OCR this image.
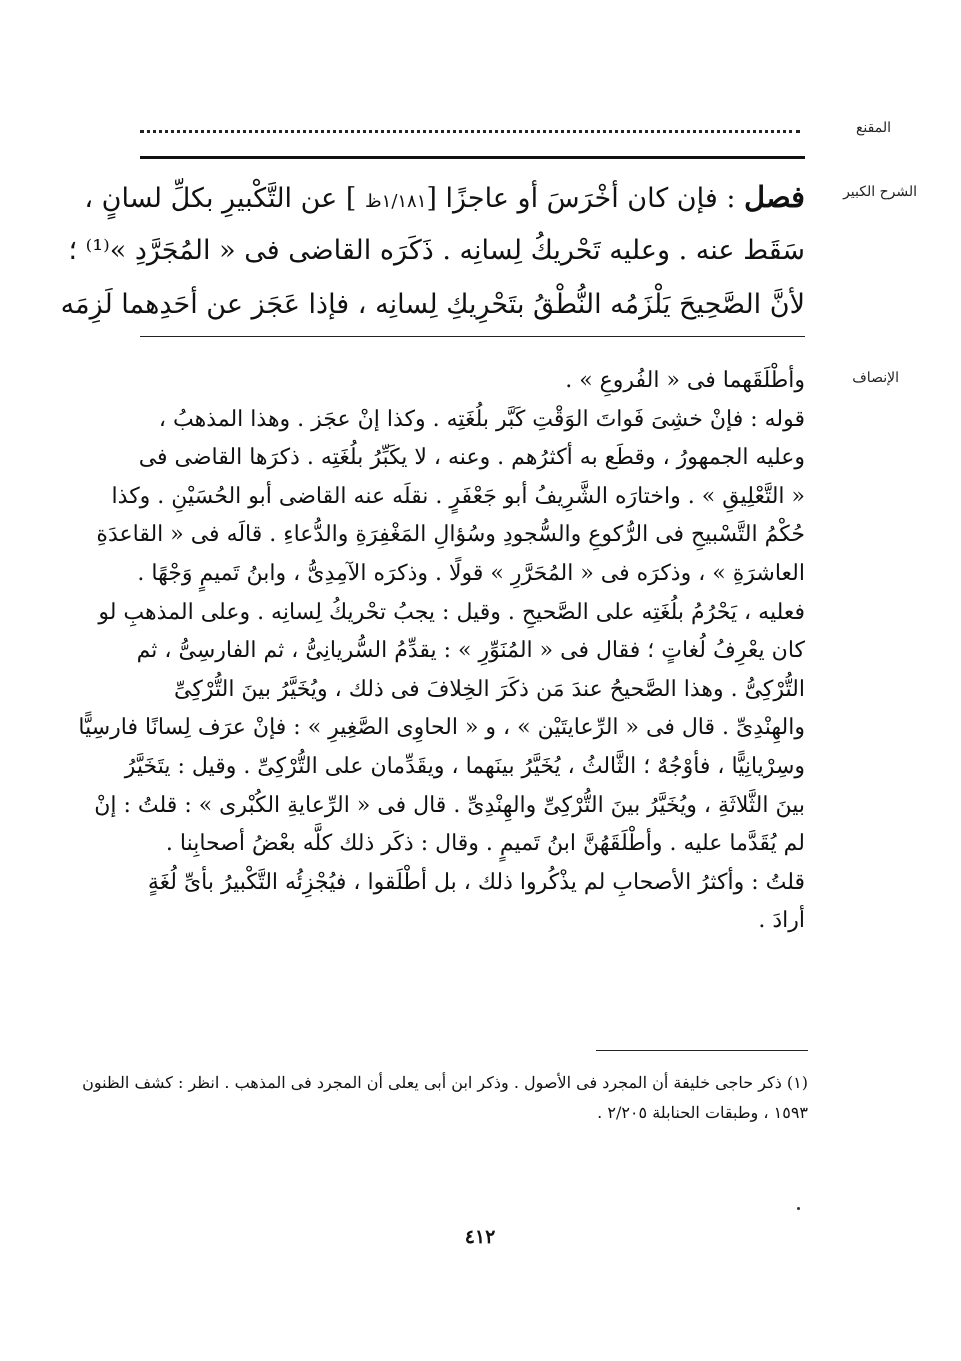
المقنع
الشرح الكبير
فصل : فإن كان أخْرَسَ أو عاجزًا [١/١٨١ظ ] عن التَّكْبيرِ بكلِّ لسانٍ ،
سَقَط عنه . وعليه تَحْريكُ لِسانِه . ذَكَرَه القاضى فى « المُجَرَّدِ »⁽¹⁾ ؛
لأنَّ الصَّحِيحَ يَلْزَمُه النُّطْقُ بتَحْرِيكِ لِسانِه ، فإذا عَجَز عن أحَدِهما لَزِمَه
الإنصاف
وأطْلَقَهما فى « الفُروعِ » .
قوله : فإنْ خشِىَ فَواتَ الوَقْتِ كَبَّر بلُغَتِه . وكذا إنْ عجَز . وهذا المذهبُ ،
وعليه الجمهورُ ، وقطَع به أكثرُهم . وعنه ، لا يكَبِّرُ بلُغَتِه . ذكرَها القاضى فى
« التَّعْلِيقِ » . واختارَه الشَّرِيفُ أبو جَعْفَرٍ . نقلَه عنه القاضى أبو الحُسَيْنِ . وكذا
حُكْمُ التَّسْبيحِ فى الرُّكوعِ والسُّجودِ وسُؤالِ المَغْفِرَةِ والدُّعاءِ . قالَه فى « القاعدَةِ
العاشرَةِ » ، وذكرَه فى « المُحَرَّرِ » قولًا . وذكرَه الآمِدِىُّ ، وابنُ تَميمٍ وَجْهًا .
فعليه ، يَحْرُمُ بلُغَتِه على الصَّحيحِ . وقيل : يجبُ تحْريكُ لِسانِه . وعلى المذهبِ لو
كان يعْرِفُ لُغاتٍ ؛ فقال فى « المُنَوِّرِ » : يقدِّمُ السُّريانِىُّ ، ثم الفارسِىُّ ، ثم
التُّرْكِىُّ . وهذا الصَّحيحُ عندَ مَن ذكَرَ الخِلافَ فى ذلك ، ويُخَيَّرُ بينَ التُّرْكِىِّ
والهِنْدِىِّ . قال فى « الرِّعايتَيْن » ، و « الحاوِى الصَّغِيرِ » : فإنْ عرَف لِسانًا فارسِيًّا
وسِرْيانِيًّا ، فأوْجُهٌ ؛ الثَّالثُ ، يُخَيَّرُ بينَهما ، ويقَدِّمان على التُّرْكِىِّ . وقيل : يتَخَيَّرُ
بينَ الثَّلاثَةِ ، ويُخَيَّرُ بينَ التُّرْكِىِّ والهِنْدِىِّ . قال فى « الرِّعايةِ الكُبْرى » : قلتُ : إنْ
لم يُقَدَّما عليه . وأطْلَقَهُنَّ ابنُ تَميمٍ . وقال : ذكَر ذلك كلَّه بعْضُ أصحابِنا .
قلتُ : وأكثرُ الأصحابِ لم يذْكُروا ذلك ، بل أطْلَقوا ، فيُجْزِئُه التَّكْبيرُ بأىِّ لُغَةٍ
أرادَ .
(١) ذكر حاجى خليفة أن المجرد فى الأصول . وذكر ابن أبى يعلى أن المجرد فى المذهب . انظر : كشف الظنون
١٥٩٣ ، وطبقات الحنابلة ٢/٢٠٥ .
٤١٢
